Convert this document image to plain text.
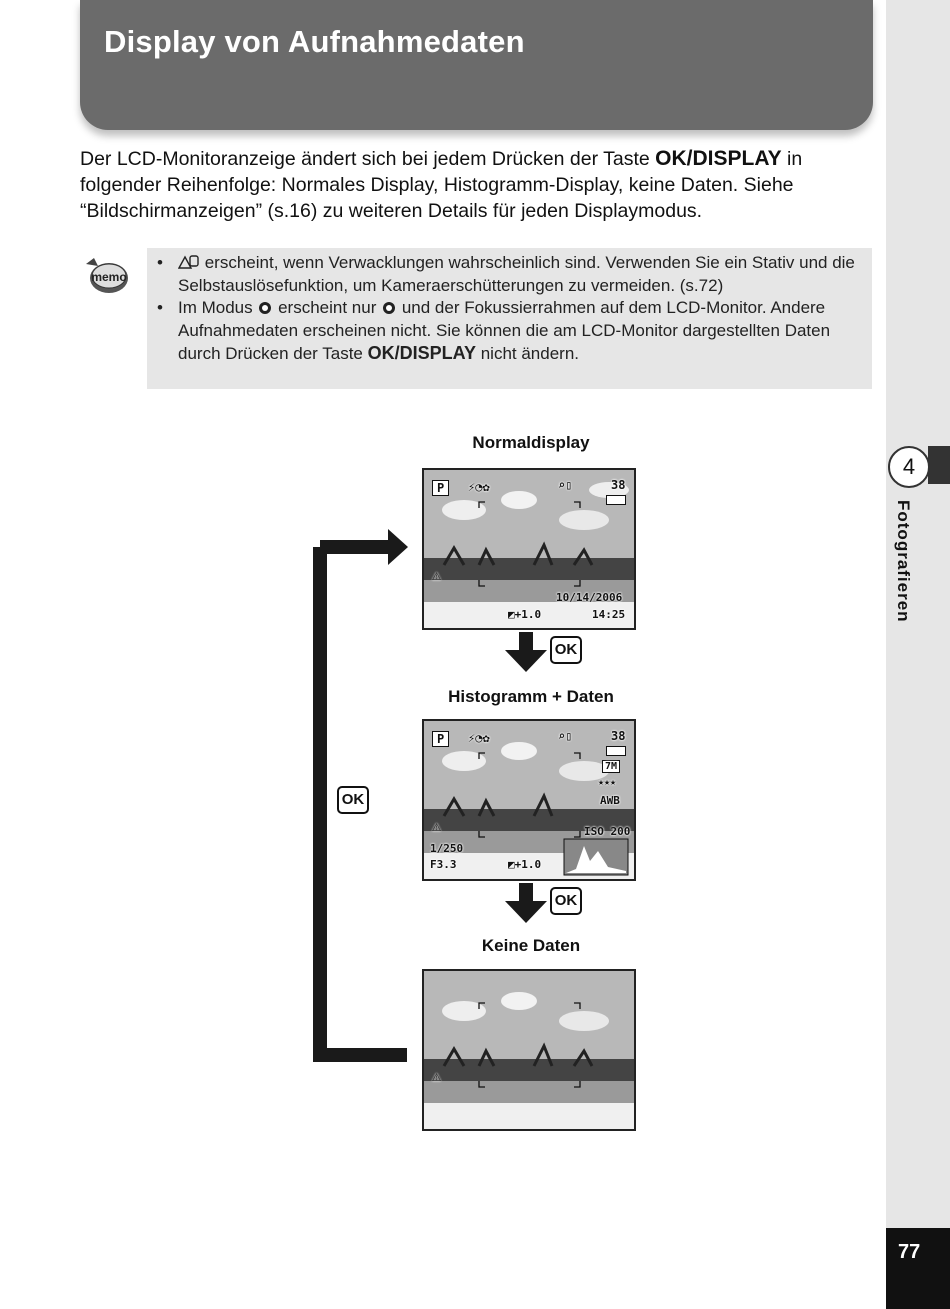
Display von Aufnahmedaten
4
Fotografieren
77

Der LCD-Monitoranzeige ändert sich bei jedem Drücken der Taste OK/DISPLAY in folgender Reihenfolge: Normales Display, Histogramm-Display, keine Daten. Siehe “Bildschirmanzeigen” (s.16) zu weiteren Details für jeden Displaymodus.

memo
• erscheint, wenn Verwacklungen wahrscheinlich sind. Verwenden Sie ein Stativ und die Selbstauslösefunktion, um Kameraerschütterungen zu vermeiden. (s.72)
• Im Modus  erscheint nur  und der Fokussierrahmen auf dem LCD-Monitor. Andere Aufnahmedaten erscheinen nicht. Sie können die am LCD-Monitor dargestellten Daten durch Drücken der Taste OK/DISPLAY nicht ändern.
Normaldisplay
Histogramm + Daten
Keine Daten
OK
OK
OK
P	⚡◔✿	⌕▯	38
⚠
10/14/2006
◩+1.0	14:25
P	⚡◔✿	⌕▯	38
7M
★★★
AWB
⚠	ISO 200
1/250
F3.3	◩+1.0
⚠
